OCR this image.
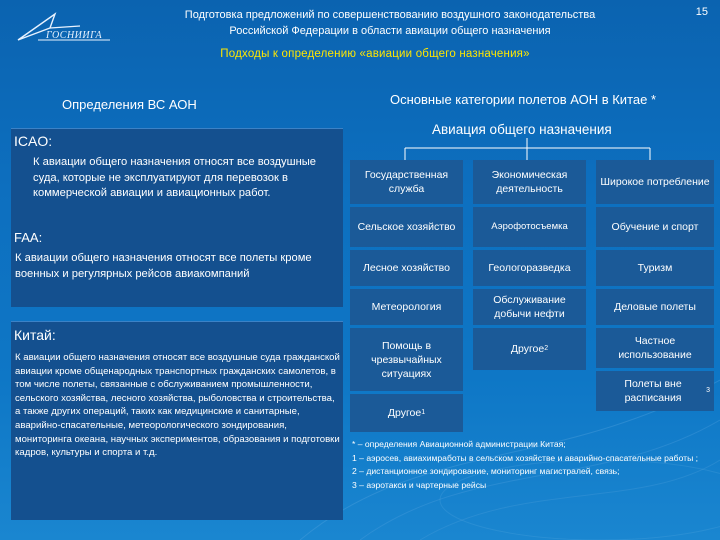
ГОСНИИГА
Подготовка предложений по совершенствованию воздушного законодательства
Российской Федерации в области авиации общего назначения
15
Подходы к определению «авиации общего назначения»
Определения ВС АОН	Основные категории полетов АОН в Китае *
Авиация общего назначения
ICAO:
К авиации общего назначения относят все воздушные суда, которые не эксплуатируют для перевозок в коммерческой авиации и авиационных работ.
FAA:
К авиации общего назначения относят все полеты кроме военных и регулярных рейсов авиакомпаний
Китай:
К авиации общего назначения относят все воздушные суда гражданской авиации кроме общенародных транспортных гражданских самолетов, в том числе полеты, связанные с обслуживанием промышленности, сельского хозяйства, лесного хозяйства, рыболовства и строительства, а также других операций, таких как медицинские и санитарные, аварийно-спасательные, метеорологического зондирования, мониторинга океана, научных экспериментов, образования и подготовки кадров, культуры и спорта и т.д.
Государственная служба
Сельское хозяйство
Лесное хозяйство
Метеорология
Помощь в чрезвычайных ситуациях
Другое 1
Экономическая деятельность
Аэрофотосъемка
Геологоразведка
Обслуживание добычи нефти
Другое 2
Широкое потребление
Обучение и спорт
Туризм
Деловые полеты
Частное использование
Полеты вне расписания
3
* – определения Авиационной администрации Китая;
1 – аэросев, авиахимработы в сельском хозяйстве и аварийно-спасательные работы ;
2 – дистанционное зондирование, мониторинг магистралей, связь;
3 – аэротакси и чартерные рейсы
